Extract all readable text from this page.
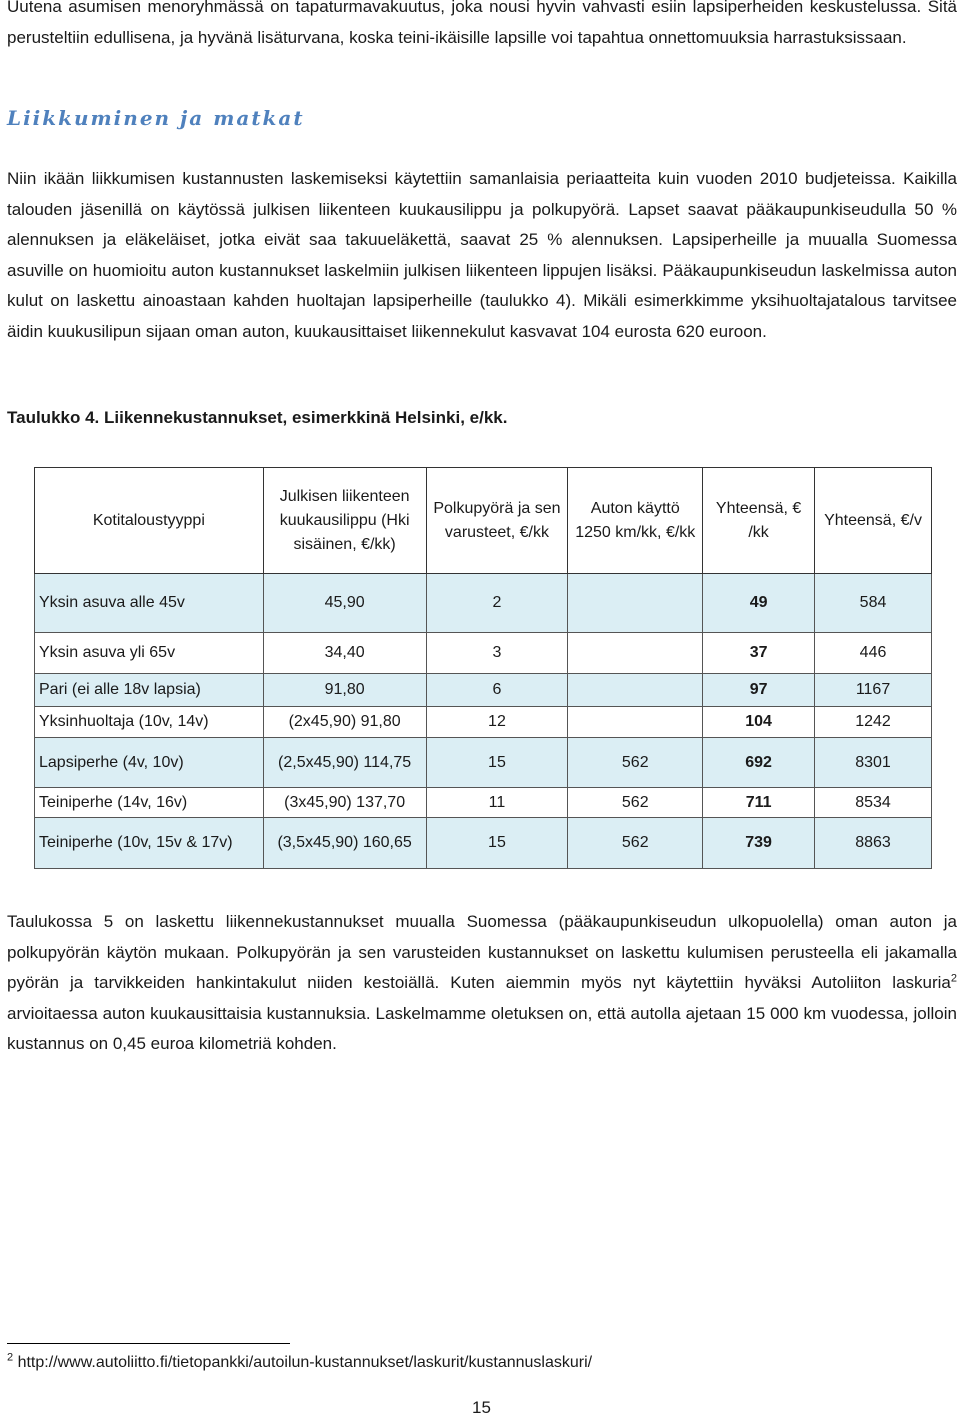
Uutena asumisen menoryhmässä on tapaturmavakuutus, joka nousi hyvin vahvasti esiin lapsiperheiden keskustelussa. Sitä perusteltiin edullisena, ja hyvänä lisäturvana, koska teini-ikäisille lapsille voi tapahtua onnettomuuksia harrastuksissaan.

Liikkuminen ja matkat

Niin ikään liikkumisen kustannusten laskemiseksi käytettiin samanlaisia periaatteita kuin vuoden 2010 budjeteissa. Kaikilla talouden jäsenillä on käytössä julkisen liikenteen kuukausilippu ja polkupyörä. Lapset saavat pääkaupunkiseudulla 50 % alennuksen ja eläkeläiset, jotka eivät saa takuueläkettä, saavat 25 % alennuksen. Lapsiperheille ja muualla Suomessa asuville on huomioitu auton kustannukset laskelmiin julkisen liikenteen lippujen lisäksi. Pääkaupunkiseudun laskelmissa auton kulut on laskettu ainoastaan kahden huoltajan lapsiperheille (taulukko 4). Mikäli esimerkkimme yksihuoltajatalous tarvitsee äidin kuukusilipun sijaan oman auton, kuukausittaiset liikennekulut kasvavat 104 eurosta 620 euroon.

Taulukko 4. Liikennekustannukset, esimerkkinä Helsinki, e/kk.

Kotitaloustyyppi	Julkisen liikenteen kuukausilippu (Hki sisäinen, €/kk)	Polkupyörä ja sen varusteet, €/kk	Auton käyttö 1250 km/kk, €/kk	Yhteensä, € /kk	Yhteensä, €/v
Yksin asuva alle 45v	45,90	2		49	584
Yksin asuva yli 65v	34,40	3		37	446
Pari (ei alle 18v lapsia)	91,80	6		97	1167
Yksinhuoltaja (10v, 14v)	(2x45,90) 91,80	12		104	1242
Lapsiperhe (4v, 10v)	(2,5x45,90) 114,75	15	562	692	8301
Teiniperhe (14v, 16v)	(3x45,90) 137,70	11	562	711	8534
Teiniperhe (10v, 15v & 17v)	(3,5x45,90) 160,65	15	562	739	8863

Taulukossa 5 on laskettu liikennekustannukset muualla Suomessa (pääkaupunkiseudun ulkopuolella) oman auton ja polkupyörän käytön mukaan. Polkupyörän ja sen varusteiden kustannukset on laskettu kulumisen perusteella eli jakamalla pyörän ja tarvikkeiden hankintakulut niiden kestoiällä. Kuten aiemmin myös nyt käytettiin hyväksi Autoliiton laskuria$^2$ arvioitaessa auton kuukausittaisia kustannuksia. Laskelmamme oletuksen on, että autolla ajetaan 15 000 km vuodessa, jolloin kustannus on 0,45 euroa kilometriä kohden.

$^2$ http://www.autoliitto.fi/tietopankki/autoilun-kustannukset/laskurit/kustannuslaskuri/

15
